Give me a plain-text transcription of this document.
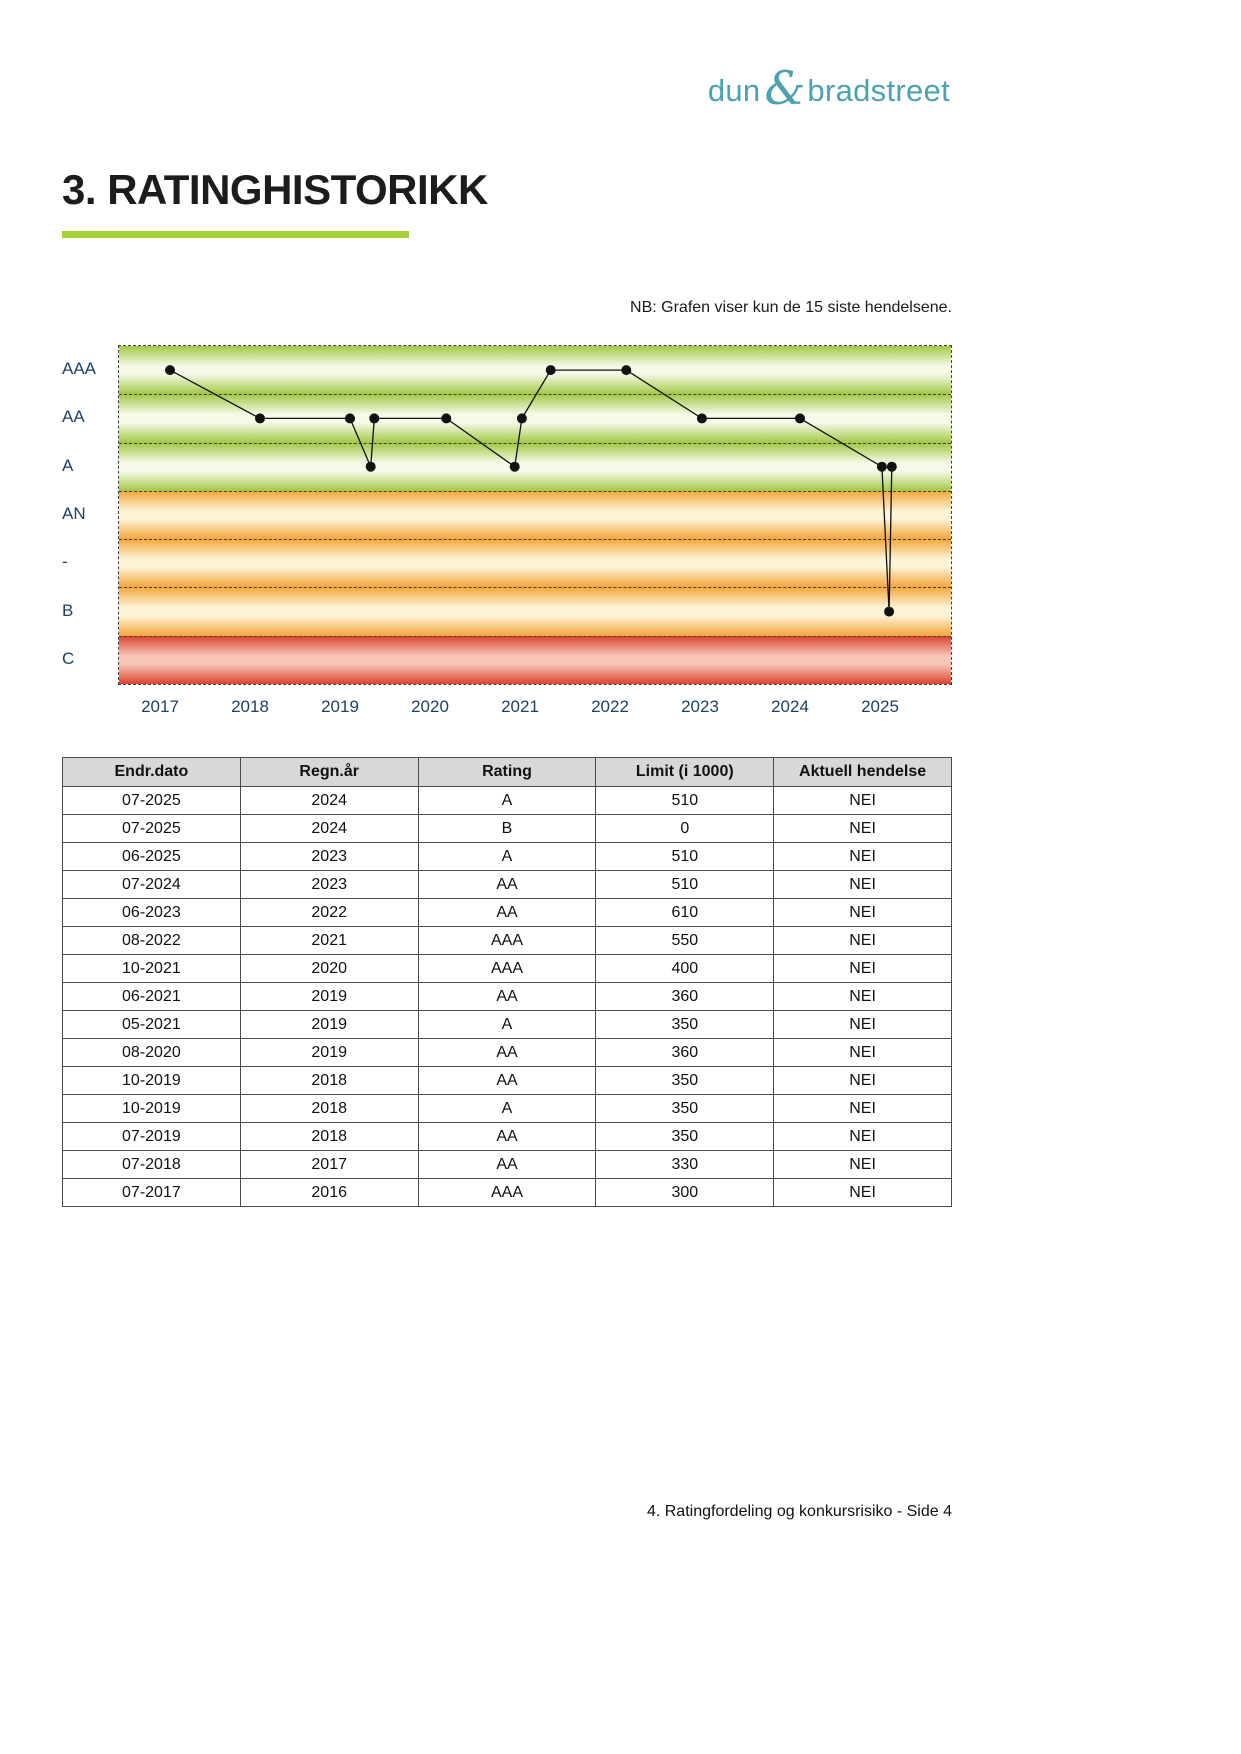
dun & bradstreet
3. RATINGHISTORIKK
NB: Grafen viser kun de 15 siste hendelsene.
AAA
AA
A
AN
-
B
C
2017	2018	2019	2020	2021	2022	2023	2024	2025
Endr.dato	Regn.år	Rating	Limit (i 1000)	Aktuell hendelse
07-2025	2024	A	510	NEI
07-2025	2024	B	0	NEI
06-2025	2023	A	510	NEI
07-2024	2023	AA	510	NEI
06-2023	2022	AA	610	NEI
08-2022	2021	AAA	550	NEI
10-2021	2020	AAA	400	NEI
06-2021	2019	AA	360	NEI
05-2021	2019	A	350	NEI
08-2020	2019	AA	360	NEI
10-2019	2018	AA	350	NEI
10-2019	2018	A	350	NEI
07-2019	2018	AA	350	NEI
07-2018	2017	AA	330	NEI
07-2017	2016	AAA	300	NEI
4. Ratingfordeling og konkursrisiko - Side 4
